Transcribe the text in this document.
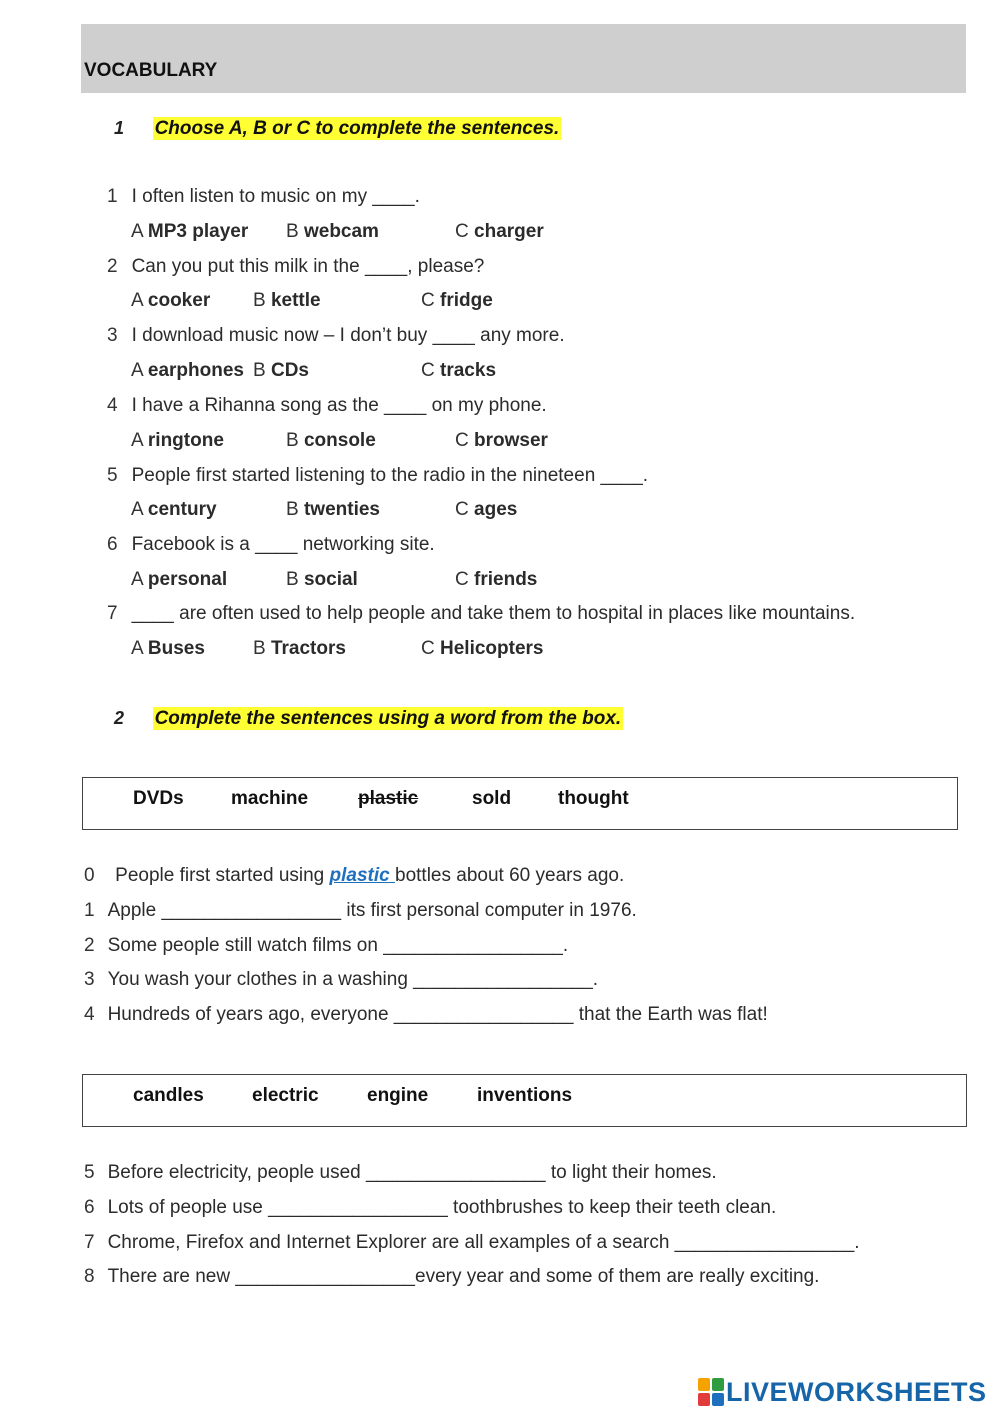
VOCABULARY
1 Choose A, B or C to complete the sentences.
1 I often listen to music on my ____.
A MP3 player B webcam	C charger
2 Can you put this milk in the ____, please?
A cooker B kettle	C fridge
3 I download music now – I don’t buy ____ any more.
A earphones B CDs	C tracks
4 I have a Rihanna song as the ____ on my phone.
A ringtone	B console	C browser
5 People first started listening to the radio in the nineteen ____.
A century	B twenties	C ages
6 Facebook is a ____ networking site.
A personal	B social	C friends
7 ____ are often used to help people and take them to hospital in places like mountains.
A Buses	B Tractors	C Helicopters
2 Complete the sentences using a word from the box.
DVDs machine	plastic	sold thought
0 People first started using plastic bottles about 60 years ago.
1 Apple _________________ its first personal computer in 1976.
2 Some people still watch films on _________________.
3 You wash your clothes in a washing _________________.
4 Hundreds of years ago, everyone _________________ that the Earth was flat!
candles	electric	engine	inventions
5 Before electricity, people used _________________ to light their homes.
6 Lots of people use _________________ toothbrushes to keep their teeth clean.
7 Chrome, Firefox and Internet Explorer are all examples of a search _________________.
8 There are new _________________every year and some of them are really exciting.
LIVEWORKSHEETS
